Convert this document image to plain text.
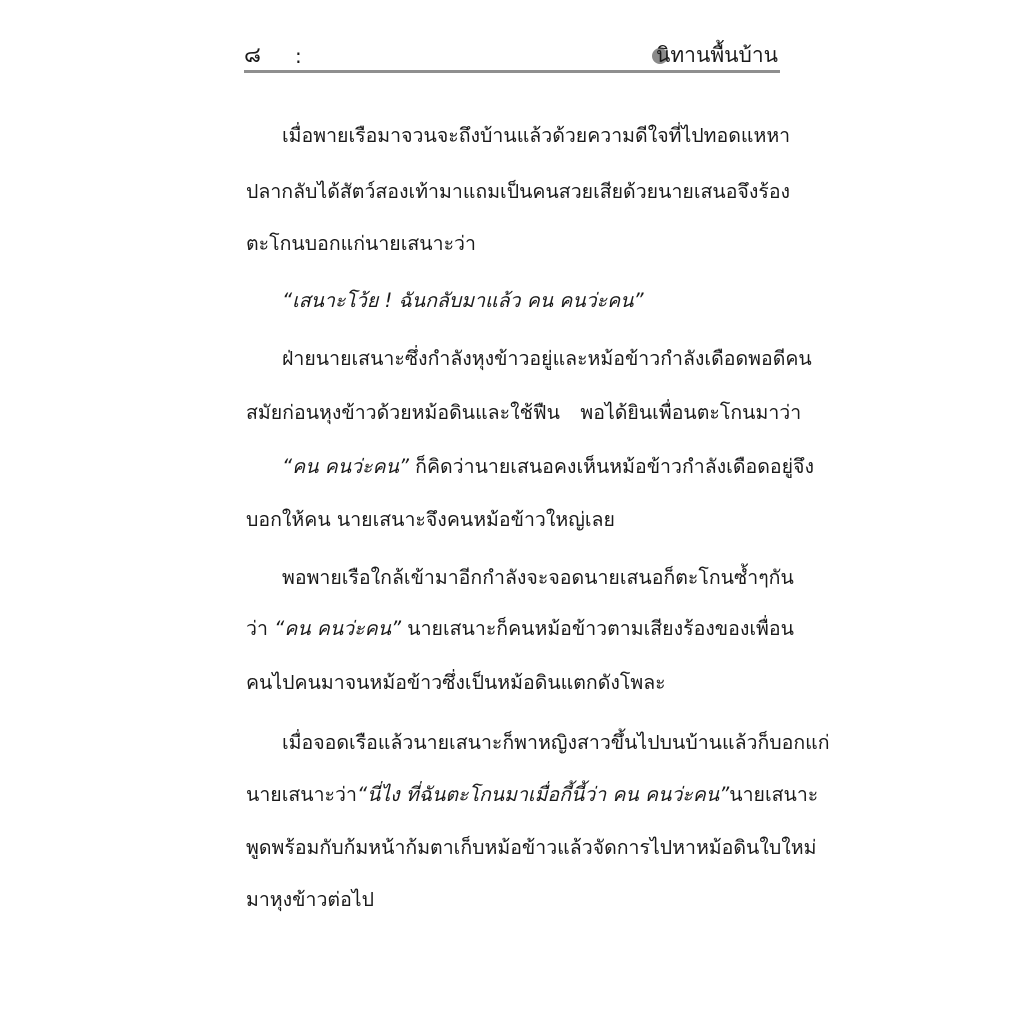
๘ :	นิทานพื้นบ้าน
เมื่อพายเรือมาจวนจะถึงบ้านแล้ว ด้วยความดีใจที่ไปทอดแหหา
ปลากลับได้สัตว์สองเท้ามา แถมเป็นคนสวยเสียด้วย นายเสนอจึงร้อง
ตะโกนบอกแก่นายเสนาะว่า
“เสนาะโว้ย ! ฉันกลับมาแล้ว คน คนว่ะคน”
ฝ่ายนายเสนาะซึ่งกำลังหุงข้าวอยู่ และหม้อข้าวกำลังเดือดพอดีคน
สมัยก่อนหุงข้าวด้วยหม้อดินและใช้ฟืน พอได้ยินเพื่อนตะโกนมาว่า
“คน คนว่ะคน” ก็คิดว่านายเสนอคงเห็นหม้อข้าวกำลังเดือดอยู่ จึง
บอกให้คน นายเสนาะจึงคนหม้อข้าวใหญ่เลย
พอพายเรือใกล้เข้ามาอีกกำลังจะจอด นายเสนอก็ตะโกนซ้ำ ๆ กัน
ว่า “คน คนว่ะคน” นายเสนาะก็คนหม้อข้าวตามเสียงร้องของเพื่อน
คนไปคนมาจนหม้อข้าวซึ่งเป็นหม้อดินแตกดังโพละ
เมื่อจอดเรือแล้วนายเสนาะก็พาหญิงสาวขึ้นไปบนบ้าน แล้วก็บอกแก่
นายเสนาะว่า “นี่ไง ที่ฉันตะโกนมาเมื่อกี้นี้ว่า คน คนว่ะคน” นายเสนาะ
พูดพร้อมกับก้มหน้าก้มตาเก็บหม้อข้าว แล้วจัดการไปหาหม้อดินใบใหม่
มาหุงข้าวต่อไป
